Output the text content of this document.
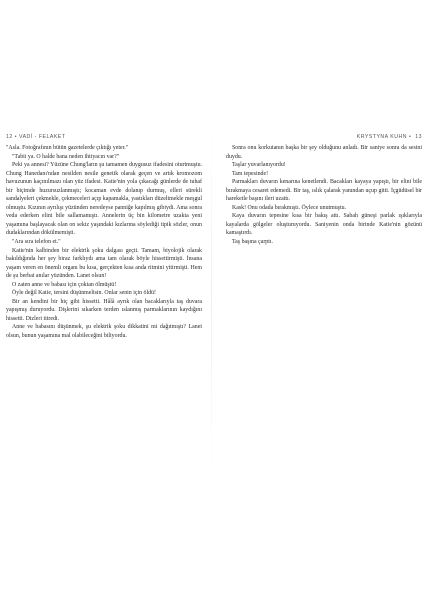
12 • VADİ - FELAKET

"Asla. Fotoğrafının bütün gazetelerde çıktığı yeter."

"Tabii ya. O halde bana neden ihtiyacın var?"

Peki ya annesi? Yüzüne Chung'ların şu tamamen duygusuz ifadesini oturtmuştu. Chung Hanedanı'ndan nesilden nesile genetik olarak geçen ve artık kromozom havuzunun kaçınılmazı olan yüz ifadesi. Katie'nin yola çıkacağı günlerde de tuhaf bir biçimde huzursuzlanmıştı; kocaman evde dolanıp durmuş, elleri sürekli sandalyeleri çekmekle, çekmeceleri açıp kapamakla, yastıkları düzeltmekle meşgul olmuştu. Kızının ayrılışı yüzünden neredeyse panniğe kapılmış gibiydi. Ama sonra veda ederken elini bile sallamamıştı. Annelerin üç bin kilometre uzakta yeni yaşamına başlayacak olan on sekiz yaşındaki kızlarına söylediği tipik sözler, onun dudaklarından dökülmemişti.

"Ara sıra telefon et."

Katie'nin kalbinden bir elektrik şoku dalgası geçti. Tamam, biyolojik olarak bakıldığında her şey biraz farklıydı ama tam olarak böyle hissettirmişti. İnsana yaşam veren en önemli organı bu kısa, gerçekten kısa anda ritmini yitirmişti. Hem de şu berbat anılar yüzünden. Lanet olsun!

O zaten anne ve babası için çoktan ölmüştü!

Öyle değil Katie, tersini düşünmelisin. Onlar senin için öldü!

Bir an kendini bir hiç gibi hissetti. Hâlâ ayrık olan bacaklarıyla taş duvara yapışmış duruyordu. Dişlerini sıkarken terden ıslanmış parmaklarının kaydığını hissetti. Dizleri titredi.

Anne ve babasını düşünmek, şu elektrik şoku dikkatini mi dağıtmıştı? Lanet olsun, bunun yaşamına mal olabileceğini biliyordu.

KRYSTYNA KUHN • 13

Sonra onu korkutanın başka bir şey olduğunu anladı. Bir saniye sonra da sesini duydu.

Taşlar yuvarlanıyordu!

Tam tepesinde!

Parmakları duvarın kenarına kenetlendi. Bacakları kayaya yapıştı, bir elini bile bırakmaya cesaret edemedi. Bir taş, ıslık çalarak yanından uçup gitti. İçgüdüsel bir hareketle başını ileri uzattı.

Kask! Onu odada bırakmıştı. Öylece unutmuştu.

Kaya duvarın tepesine kısa bir bakış attı. Sabah güneşi parlak ışıklarıyla kayalarda gölgeler oluşturuyordu. Saniyenin onda birinde Katie'nin gözünü kamaştırdı.

Taş başına çarptı.
